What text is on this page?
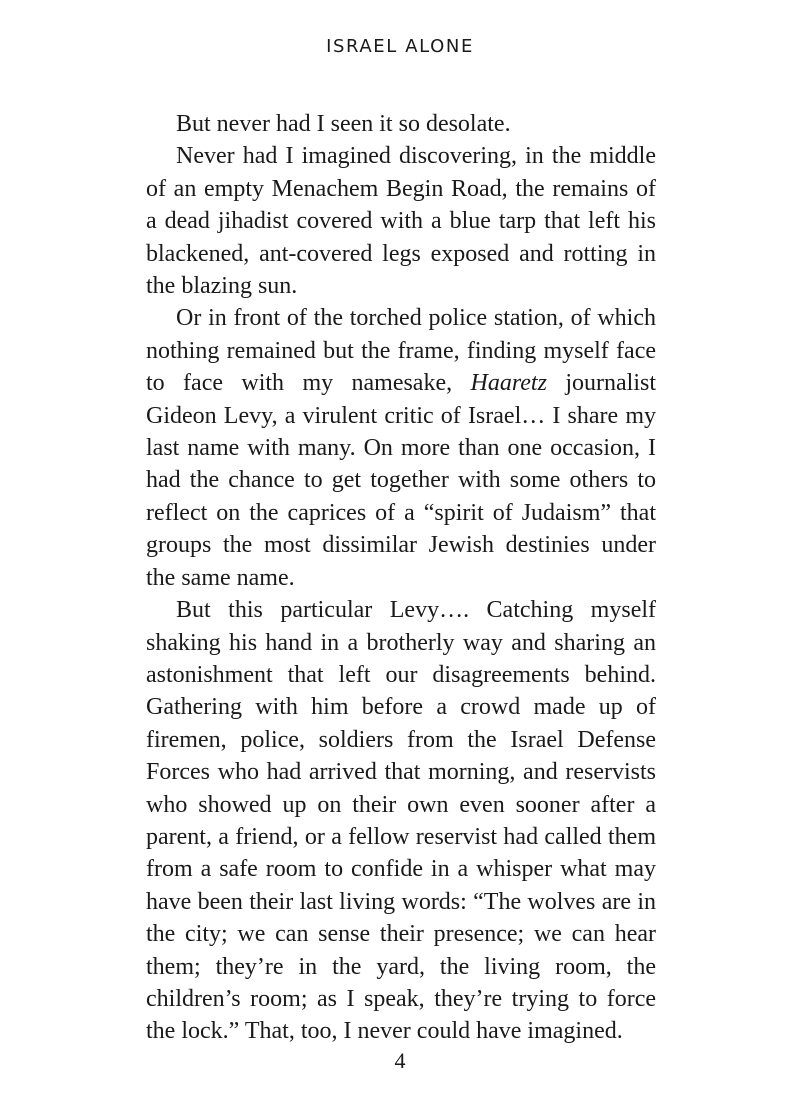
ISRAEL ALONE

But never had I seen it so desolate.

Never had I imagined discovering, in the middle of an empty Menachem Begin Road, the remains of a dead jihadist covered with a blue tarp that left his blackened, ant-covered legs exposed and rotting in the blazing sun.

Or in front of the torched police station, of which nothing remained but the frame, finding myself face to face with my namesake, Haaretz journalist Gideon Levy, a virulent critic of Israel… I share my last name with many. On more than one occasion, I had the chance to get together with some others to reflect on the caprices of a “spirit of Judaism” that groups the most dissimilar Jewish destinies under the same name.

But this particular Levy…. Catching myself shaking his hand in a brotherly way and sharing an astonishment that left our disagreements behind. Gathering with him before a crowd made up of firemen, police, soldiers from the Israel Defense Forces who had arrived that morning, and reservists who showed up on their own even sooner after a parent, a friend, or a fellow reservist had called them from a safe room to confide in a whisper what may have been their last living words: “The wolves are in the city; we can sense their presence; we can hear them; they’re in the yard, the living room, the children’s room; as I speak, they’re trying to force the lock.” That, too, I never could have imagined.

4
